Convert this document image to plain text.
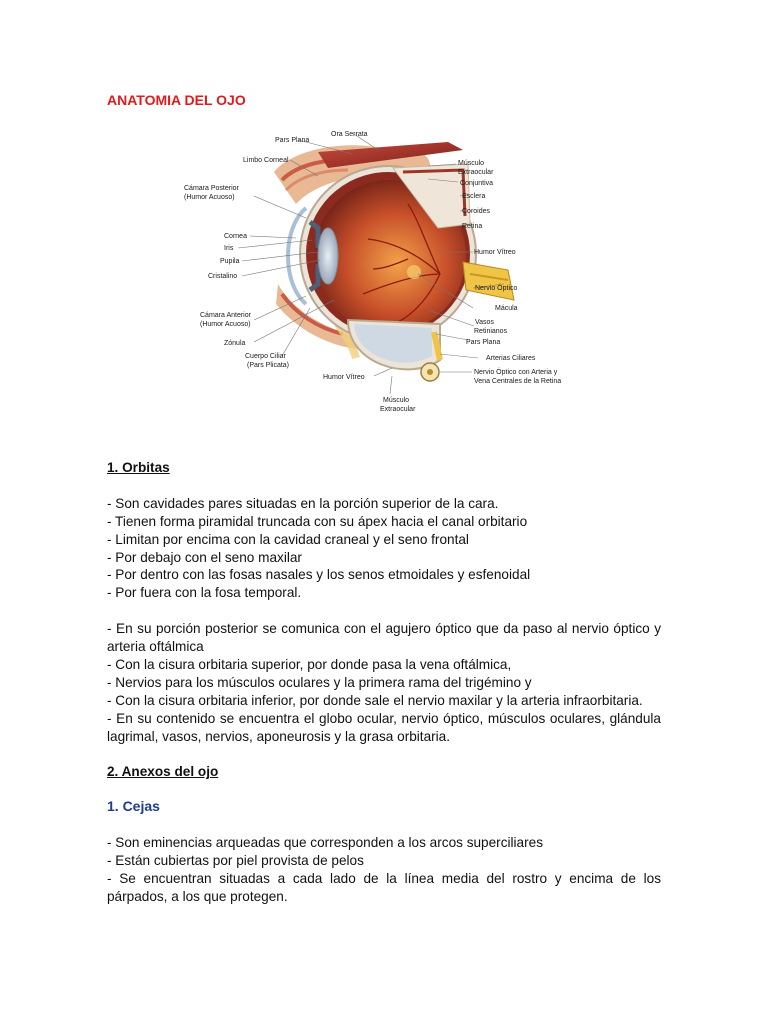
ANATOMIA DEL OJO
Pars Plana
Ora Serrata
Limbo Corneal	Músculo
Extraocular
Conjuntiva
Cámara Posterior
(Humor Acuoso)	Esclera
Coroides
Retina
Cornea
Iris
Pupila
Humor Vítreo
Cristalino
Nervio Óptico
Mácula
Cámara Anterior
(Humor Acuoso)	Vasos
Retinianos
Zónula	Pars Plana
Cuerpo Ciliar
(Pars Plicata)
Arterias Ciliares
Humor Vítreo
Nervio Óptico con Arteria y
Vena Centrales de la Retina
Músculo
Extraocular
1. Orbitas
- Son cavidades pares situadas en la porción superior de la cara.
- Tienen forma piramidal truncada con su ápex hacia el canal orbitario
- Limitan por encima con la cavidad craneal y el seno frontal
- Por debajo con el seno maxilar
- Por dentro con las fosas nasales y los senos etmoidales y esfenoidal
- Por fuera con la fosa temporal.
- En su porción posterior se comunica con el agujero óptico que da paso al nervio óptico y arteria oftálmica
- Con la cisura orbitaria superior, por donde pasa la vena oftálmica,
- Nervios para los músculos oculares y la primera rama del trigémino y
- Con la cisura orbitaria inferior, por donde sale el nervio maxilar y la arteria infraorbitaria.
- En su contenido se encuentra el globo ocular, nervio óptico, músculos oculares, glándula lagrimal, vasos, nervios, aponeurosis y la grasa orbitaria.
2. Anexos del ojo
1. Cejas
- Son eminencias arqueadas que corresponden a los arcos superciliares
- Están cubiertas por piel provista de pelos
- Se encuentran situadas a cada lado de la línea media del rostro y encima de los párpados, a los que protegen.
